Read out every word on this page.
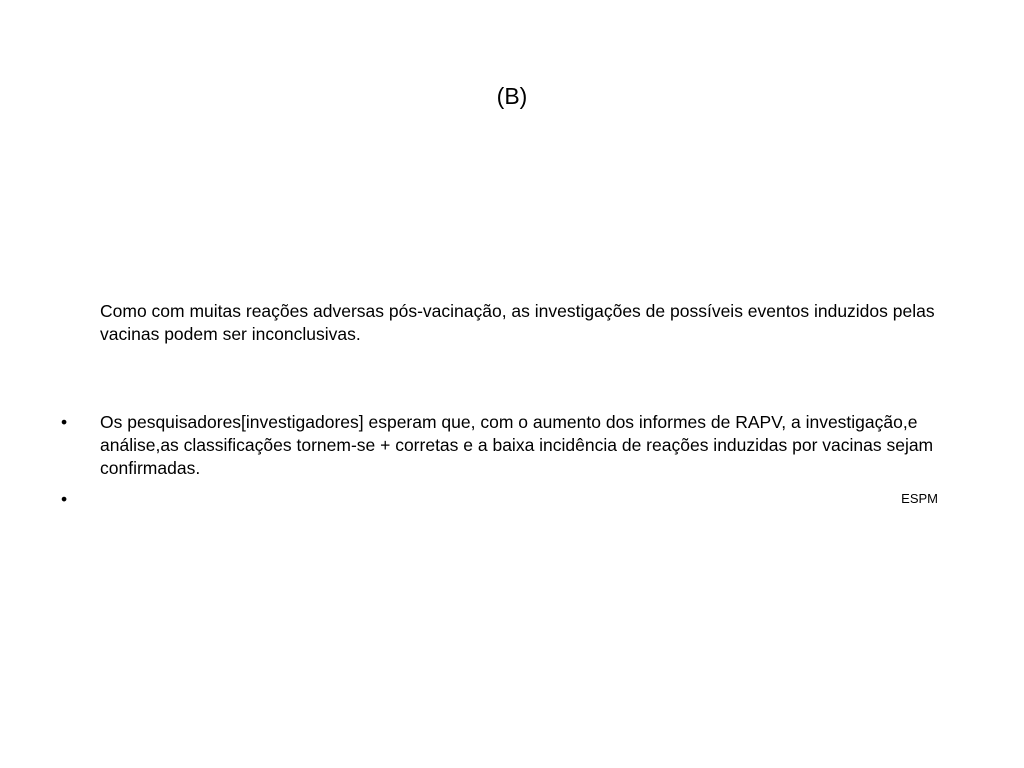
(B)
Como com muitas reações adversas pós-vacinação, as investigações de possíveis eventos induzidos pelas vacinas podem ser inconclusivas.
• Os pesquisadores[investigadores] esperam que, com o aumento dos informes de RAPV, a investigação,e análise,as classificações tornem-se + corretas e a baixa incidência de reações induzidas por vacinas sejam confirmadas.
•	ESPM
